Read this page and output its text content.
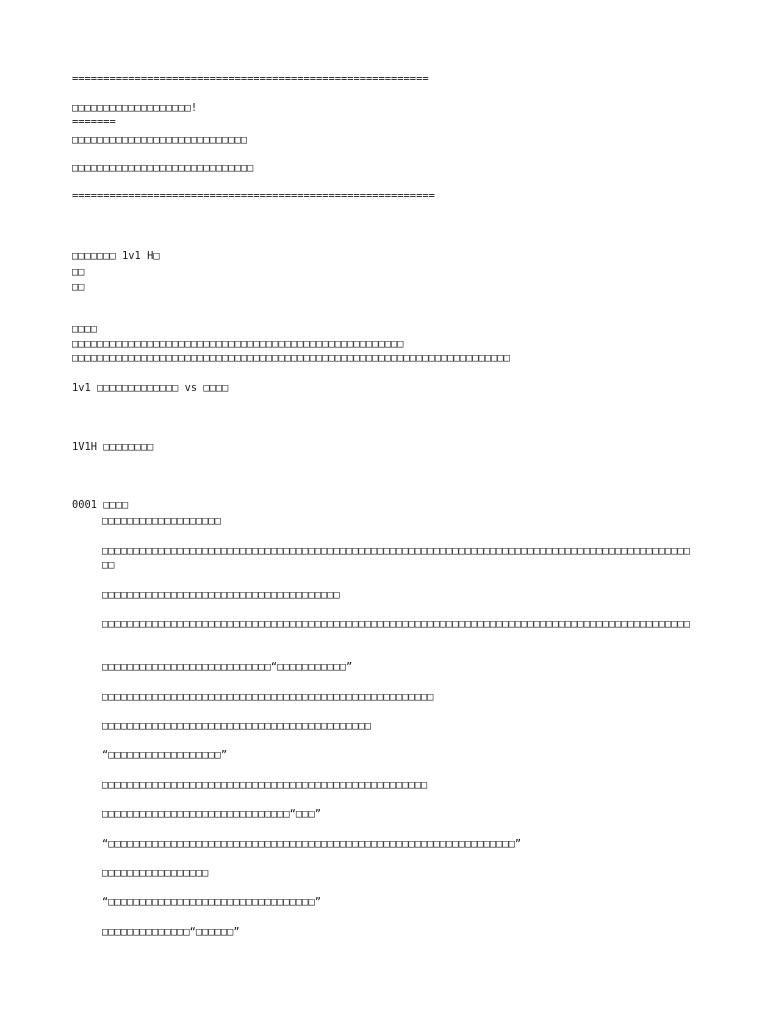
=========================================================
□□□□□□□□□□□□□□□□□□□!
=======
□□□□□□□□□□□□□□□□□□□□□□□□□□□□
□□□□□□□□□□□□□□□□□□□□□□□□□□□□□
==========================================================
□□□□□□□ 1v1 H□
□□
□□
□□□□
□□□□□□□□□□□□□□□□□□□□□□□□□□□□□□□□□□□□□□□□□□□□□□□□□□□□□
□□□□□□□□□□□□□□□□□□□□□□□□□□□□□□□□□□□□□□□□□□□□□□□□□□□□□□□□□□□□□□□□□□□□□□
1v1 □□□□□□□□□□□□□ vs □□□□
1V1H □□□□□□□□
0001 □□□□
□□□□□□□□□□□□□□□□□□□
□□□□□□□□□□□□□□□□□□□□□□□□□□□□□□□□□□□□□□□□□□□□□□□□□□□□□□□□□□□□□□□□□□□□□□□□□□□□□□□□□□□□□□□□□□□□□□□□
□□□□□□□□□□□□□□□□□□□□□□□□□□□□□□□□□□□□□□
□□□□□□□□□□□□□□□□□□□□□□□□□□□□□□□□□□□□□□□□□□□□□□□□□□□□□□□□□□□□□□□□□□□□□□□□□□□□□□□□□□□□□□□□□□□□□□
□□□□□□□□□□□□□□□□□□□□□□□□□□□“□□□□□□□□□□□”
□□□□□□□□□□□□□□□□□□□□□□□□□□□□□□□□□□□□□□□□□□□□□□□□□□□□□
□□□□□□□□□□□□□□□□□□□□□□□□□□□□□□□□□□□□□□□□□□□
“□□□□□□□□□□□□□□□□□□”
□□□□□□□□□□□□□□□□□□□□□□□□□□□□□□□□□□□□□□□□□□□□□□□□□□□□
□□□□□□□□□□□□□□□□□□□□□□□□□□□□□□“□□□”
“□□□□□□□□□□□□□□□□□□□□□□□□□□□□□□□□□□□□□□□□□□□□□□□□□□□□□□□□□□□□□□□□□”
□□□□□□□□□□□□□□□□□
“□□□□□□□□□□□□□□□□□□□□□□□□□□□□□□□□□”
□□□□□□□□□□□□□□“□□□□□□”
